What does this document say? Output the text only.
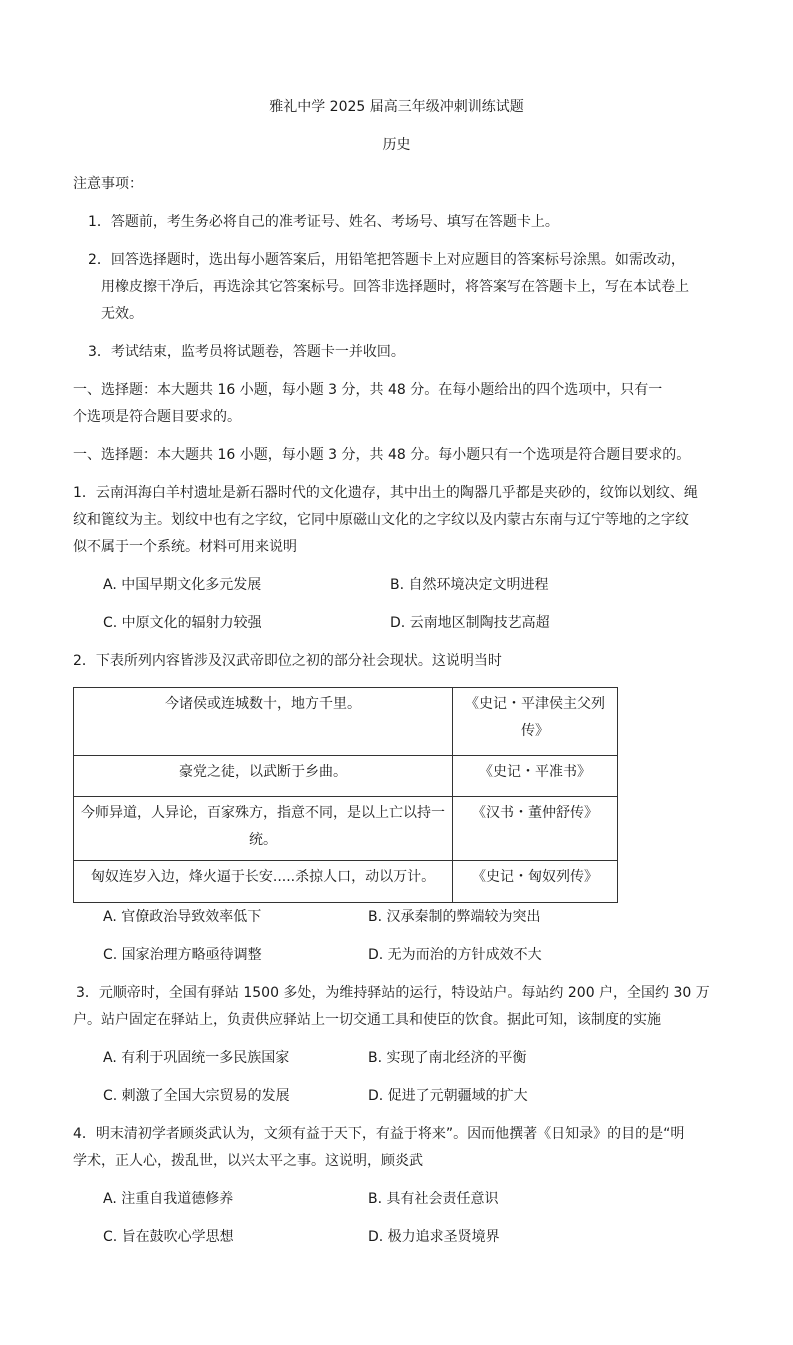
雅礼中学 2025 届高三年级冲刺训练试题
历史
注意事项：
1．答题前，考生务必将自己的准考证号、姓名、考场号、填写在答题卡上。
2．回答选择题时，选出每小题答案后，用铅笔把答题卡上对应题目的答案标号涂黑。如需改动，
用橡皮擦干净后，再选涂其它答案标号。回答非选择题时，将答案写在答题卡上，写在本试卷上
无效。
3．考试结束，监考员将试题卷，答题卡一并收回。
一、选择题：本大题共 16 小题，每小题 3 分，共 48 分。在每小题给出的四个选项中，只有一
个选项是符合题目要求的。
一、选择题：本大题共 16 小题，每小题 3 分，共 48 分。每小题只有一个选项是符合题目要求的。
1．云南洱海白羊村遗址是新石器时代的文化遗存，其中出土的陶器几乎都是夹砂的，纹饰以划纹、绳
纹和篦纹为主。划纹中也有之字纹，它同中原磁山文化的之字纹以及内蒙古东南与辽宁等地的之字纹
似不属于一个系统。材料可用来说明
A. 中国早期文化多元发展	B. 自然环境决定文明进程
C. 中原文化的辐射力较强	D. 云南地区制陶技艺高超
2．下表所列内容皆涉及汉武帝即位之初的部分社会现状。这说明当时
今诸侯或连城数十，地方千里。	《史记・平津侯主父列
传》
豪党之徒，以武断于乡曲。	《史记・平准书》
今师异道，人异论，百家殊方，指意不同，是以上亡以持一
统。	《汉书・董仲舒传》
匈奴连岁入边，烽火逼于长安.....杀掠人口，动以万计。	《史记・匈奴列传》
A. 官僚政治导致效率低下	B. 汉承秦制的弊端较为突出
C. 国家治理方略亟待调整	D. 无为而治的方针成效不大
3．元顺帝时，全国有驿站 1500 多处，为维持驿站的运行，特设站户。每站约 200 户，全国约 30 万
户。站户固定在驿站上，负责供应驿站上一切交通工具和使臣的饮食。据此可知，该制度的实施
A. 有利于巩固统一多民族国家	B. 实现了南北经济的平衡
C. 刺激了全国大宗贸易的发展	D. 促进了元朝疆域的扩大
4．明末清初学者顾炎武认为，文须有益于天下，有益于将来”。因而他撰著《日知录》的目的是“明
学术，正人心，拨乱世，以兴太平之事。这说明，顾炎武
A. 注重自我道德修养	B. 具有社会责任意识
C. 旨在鼓吹心学思想	D. 极力追求圣贤境界
